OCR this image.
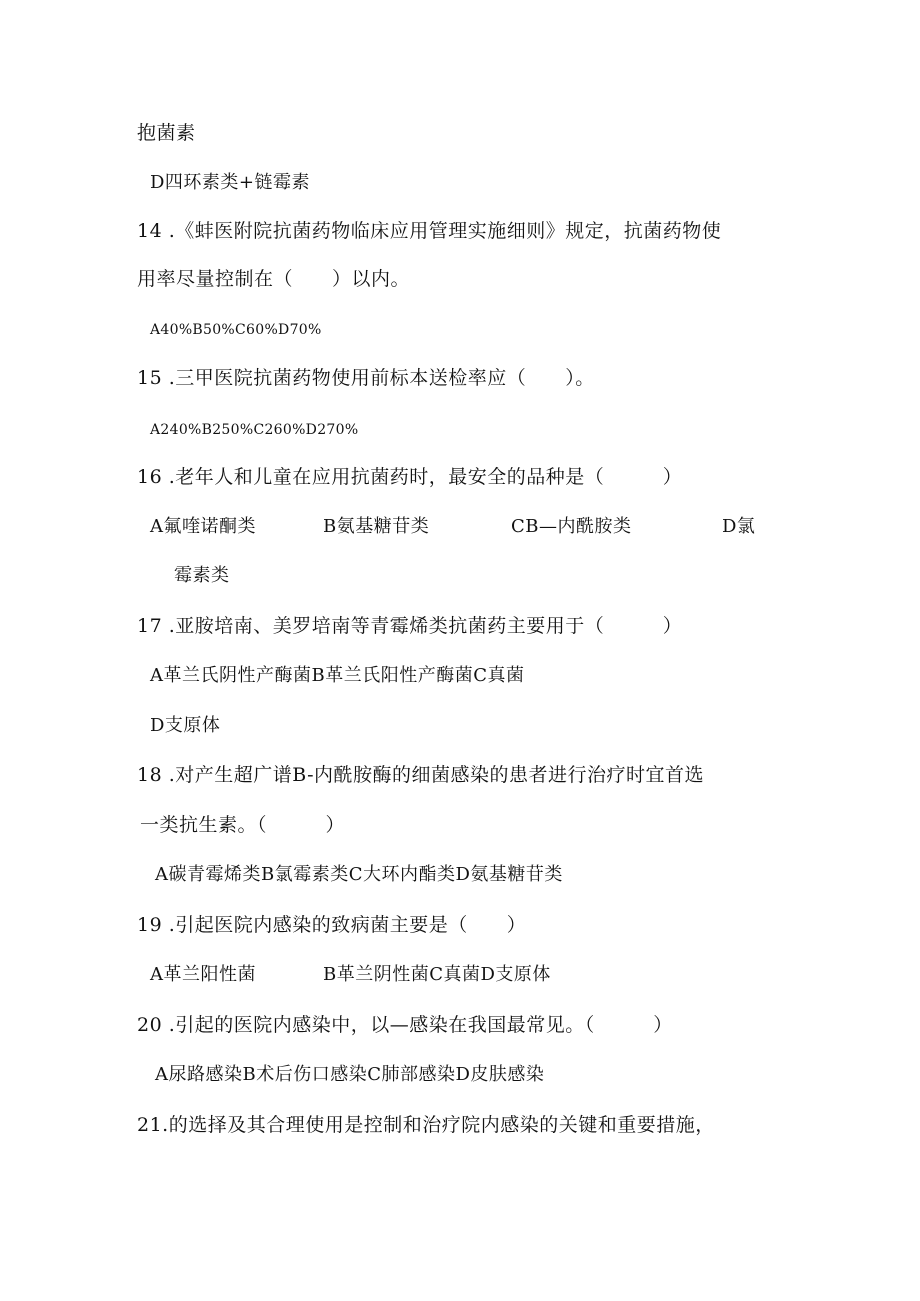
抱菌素
D四环素类+链霉素
14 .《蚌医附院抗菌药物临床应用管理实施细则》规定，抗菌药物使
用率尽量控制在（　　）以内。
A40%B50%C60%D70%
15 .三甲医院抗菌药物使用前标本送检率应（　　）。
A240%B250%C260%D270%
16 .老年人和儿童在应用抗菌药时，最安全的品种是（　　　）
A氟喹诺酮类	B氨基糖苷类	CB—内酰胺类	D氯
霉素类
17 .亚胺培南、美罗培南等青霉烯类抗菌药主要用于（　　　）
A革兰氏阴性产酶菌B革兰氏阳性产酶菌C真菌
D支原体
18 .对产生超广谱B-内酰胺酶的细菌感染的患者进行治疗时宜首选
一类抗生素。（　　　）
A碳青霉烯类B氯霉素类C大环内酯类D氨基糖苷类
19 .引起医院内感染的致病菌主要是（　　）
A革兰阳性菌	B革兰阴性菌C真菌D支原体
20 .引起的医院内感染中，以—感染在我国最常见。（　　　）
A尿路感染B术后伤口感染C肺部感染D皮肤感染
21.的选择及其合理使用是控制和治疗院内感染的关键和重要措施，
